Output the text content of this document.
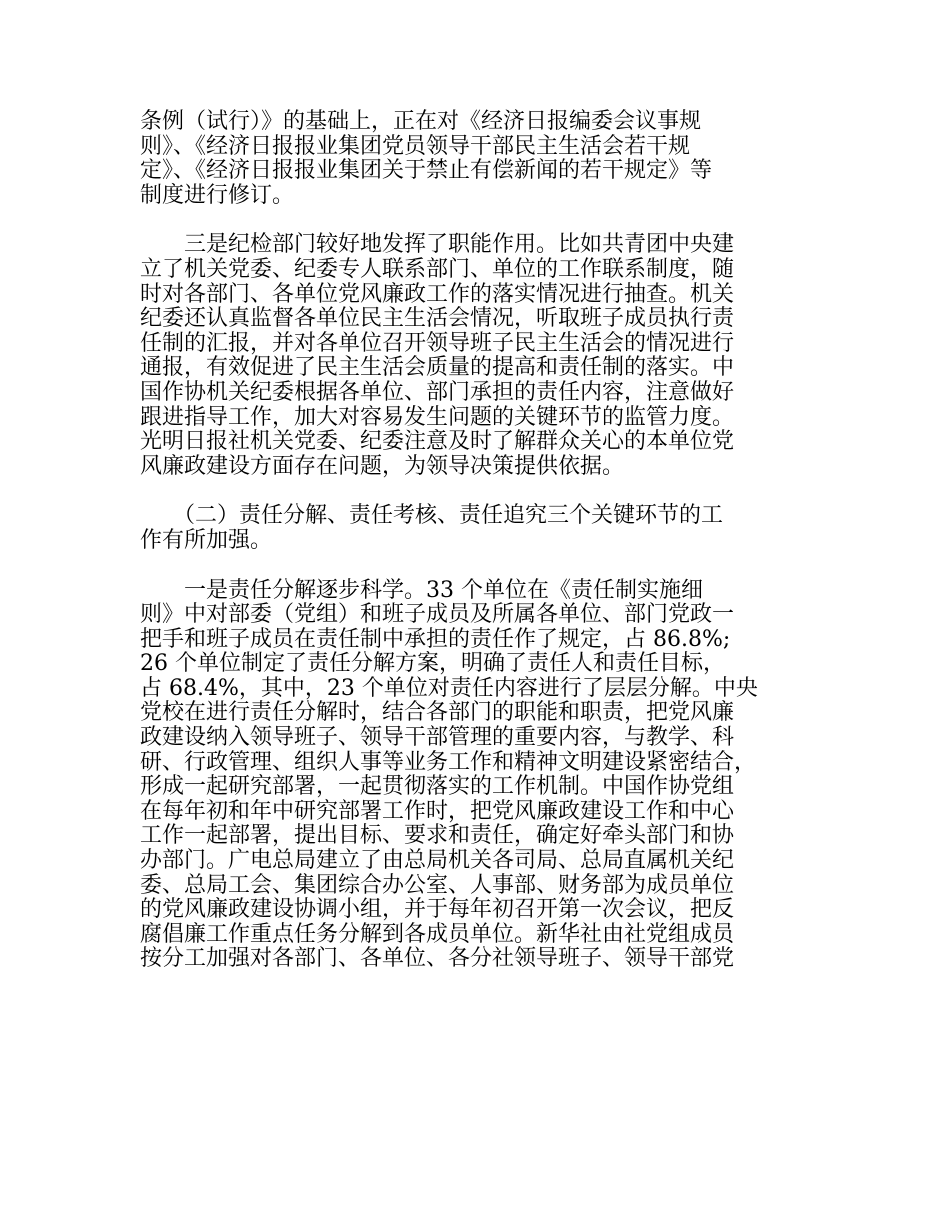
条例（试行）》的基础上，正在对《经济日报编委会议事规
则》、《经济日报报业集团党员领导干部民主生活会若干规
定》、《经济日报报业集团关于禁止有偿新闻的若干规定》等
制度进行修订。
　　三是纪检部门较好地发挥了职能作用。比如共青团中央建
立了机关党委、纪委专人联系部门、单位的工作联系制度，随
时对各部门、各单位党风廉政工作的落实情况进行抽查。机关
纪委还认真监督各单位民主生活会情况，听取班子成员执行责
任制的汇报，并对各单位召开领导班子民主生活会的情况进行
通报，有效促进了民主生活会质量的提高和责任制的落实。中
国作协机关纪委根据各单位、部门承担的责任内容，注意做好
跟进指导工作，加大对容易发生问题的关键环节的监管力度。
光明日报社机关党委、纪委注意及时了解群众关心的本单位党
风廉政建设方面存在问题，为领导决策提供依据。
　　（二）责任分解、责任考核、责任追究三个关键环节的工
作有所加强。
　　一是责任分解逐步科学。33 个单位在《责任制实施细
则》中对部委（党组）和班子成员及所属各单位、部门党政一
把手和班子成员在责任制中承担的责任作了规定，占 86.8%;
26 个单位制定了责任分解方案，明确了责任人和责任目标，
占 68.4%，其中，23 个单位对责任内容进行了层层分解。中央
党校在进行责任分解时，结合各部门的职能和职责，把党风廉
政建设纳入领导班子、领导干部管理的重要内容，与教学、科
研、行政管理、组织人事等业务工作和精神文明建设紧密结合，
形成一起研究部署，一起贯彻落实的工作机制。中国作协党组
在每年初和年中研究部署工作时，把党风廉政建设工作和中心
工作一起部署，提出目标、要求和责任，确定好牵头部门和协
办部门。广电总局建立了由总局机关各司局、总局直属机关纪
委、总局工会、集团综合办公室、人事部、财务部为成员单位
的党风廉政建设协调小组，并于每年初召开第一次会议，把反
腐倡廉工作重点任务分解到各成员单位。新华社由社党组成员
按分工加强对各部门、各单位、各分社领导班子、领导干部党
